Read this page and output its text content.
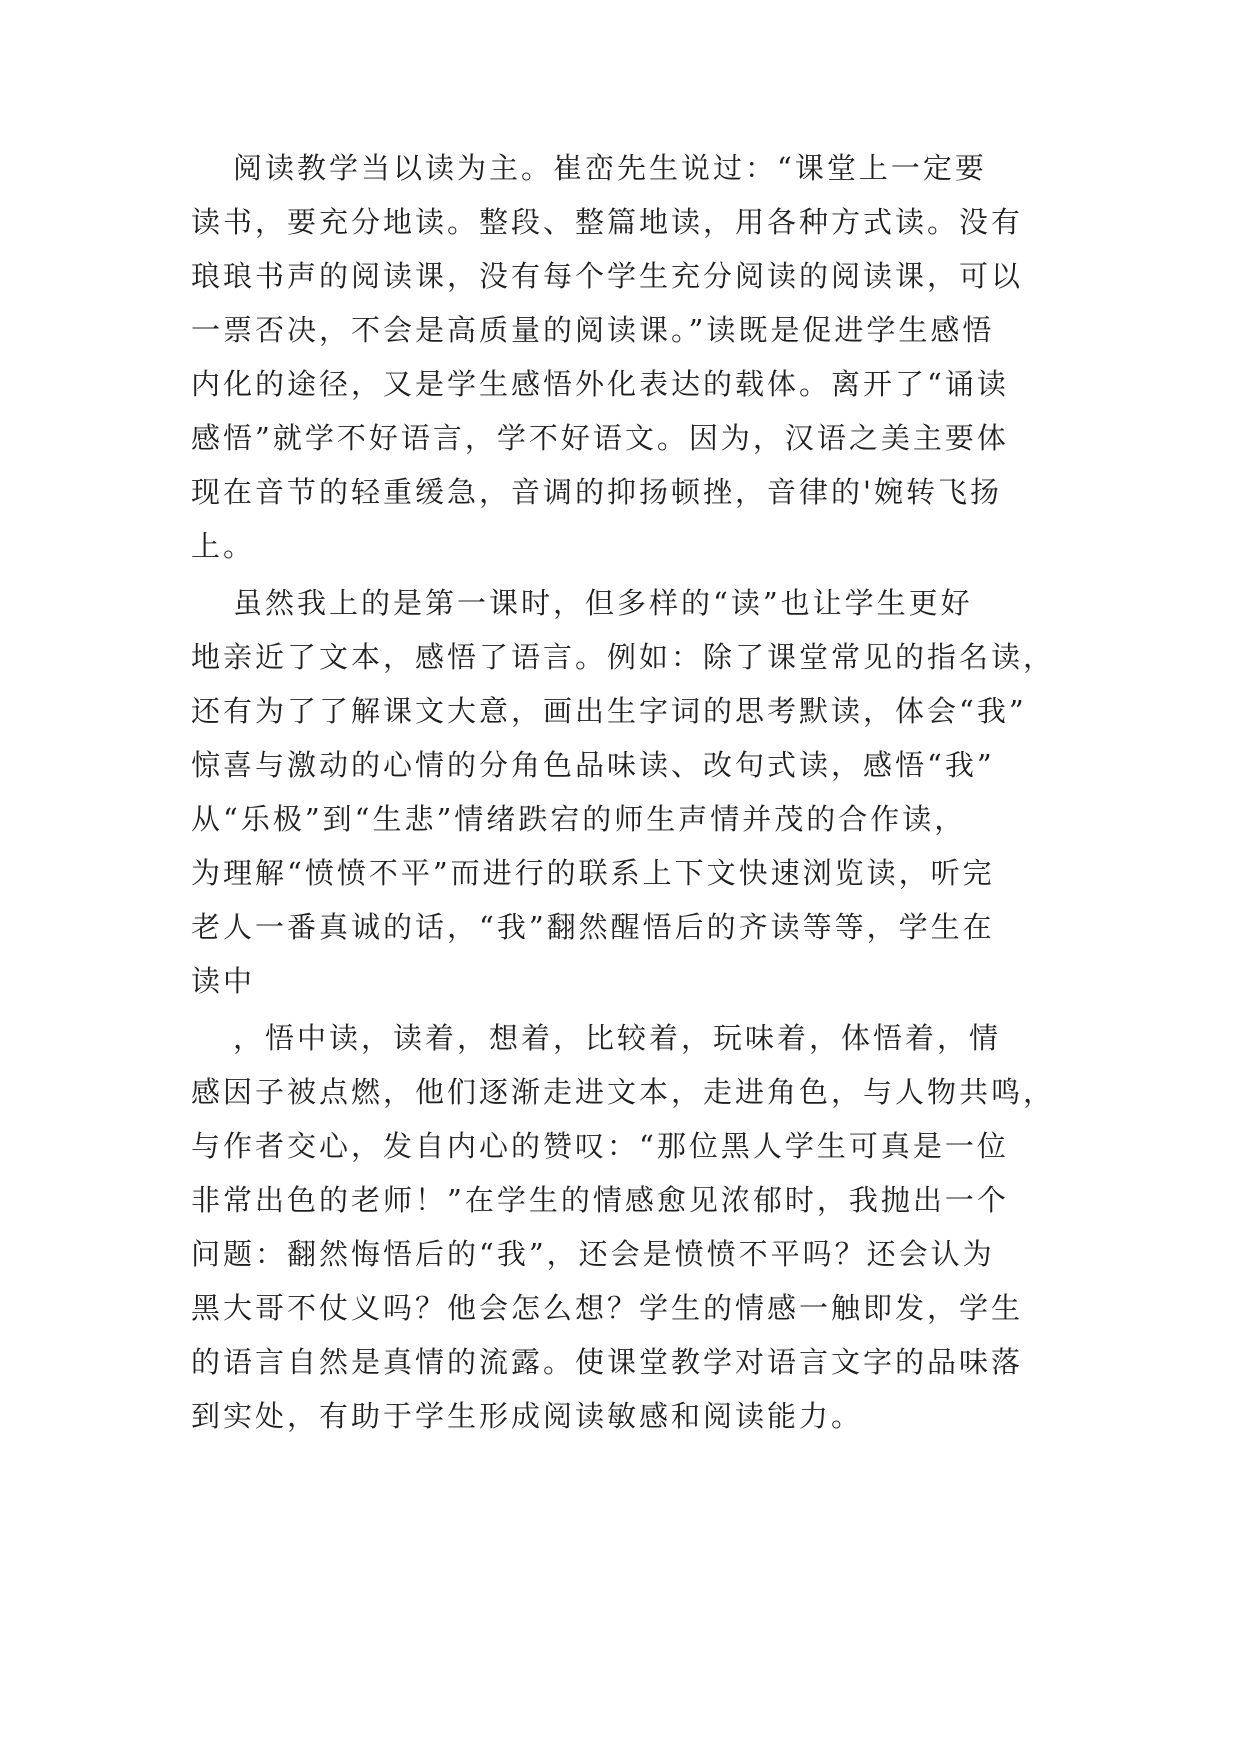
阅读教学当以读为主。崔峦先生说过：“课堂上一定要
读书，要充分地读。整段、整篇地读，用各种方式读。没有
琅琅书声的阅读课，没有每个学生充分阅读的阅读课，可以
一票否决，不会是高质量的阅读课。”读既是促进学生感悟
内化的途径，又是学生感悟外化表达的载体。离开了“诵读
感悟”就学不好语言，学不好语文。因为，汉语之美主要体
现在音节的轻重缓急，音调的抑扬顿挫，音律的'婉转飞扬
上。
虽然我上的是第一课时，但多样的“读”也让学生更好
地亲近了文本，感悟了语言。例如：除了课堂常见的指名读，
还有为了了解课文大意，画出生字词的思考默读，体会“我”
惊喜与激动的心情的分角色品味读、改句式读，感悟“我”
从“乐极”到“生悲”情绪跌宕的师生声情并茂的合作读，
为理解“愤愤不平”而进行的联系上下文快速浏览读，听完
老人一番真诚的话，“我”翻然醒悟后的齐读等等，学生在
读中
，悟中读，读着，想着，比较着，玩味着，体悟着，情
感因子被点燃，他们逐渐走进文本，走进角色，与人物共鸣，
与作者交心，发自内心的赞叹：“那位黑人学生可真是一位
非常出色的老师！”在学生的情感愈见浓郁时，我抛出一个
问题：翻然悔悟后的“我”，还会是愤愤不平吗？还会认为
黑大哥不仗义吗？他会怎么想？学生的情感一触即发，学生
的语言自然是真情的流露。使课堂教学对语言文字的品味落
到实处，有助于学生形成阅读敏感和阅读能力。
